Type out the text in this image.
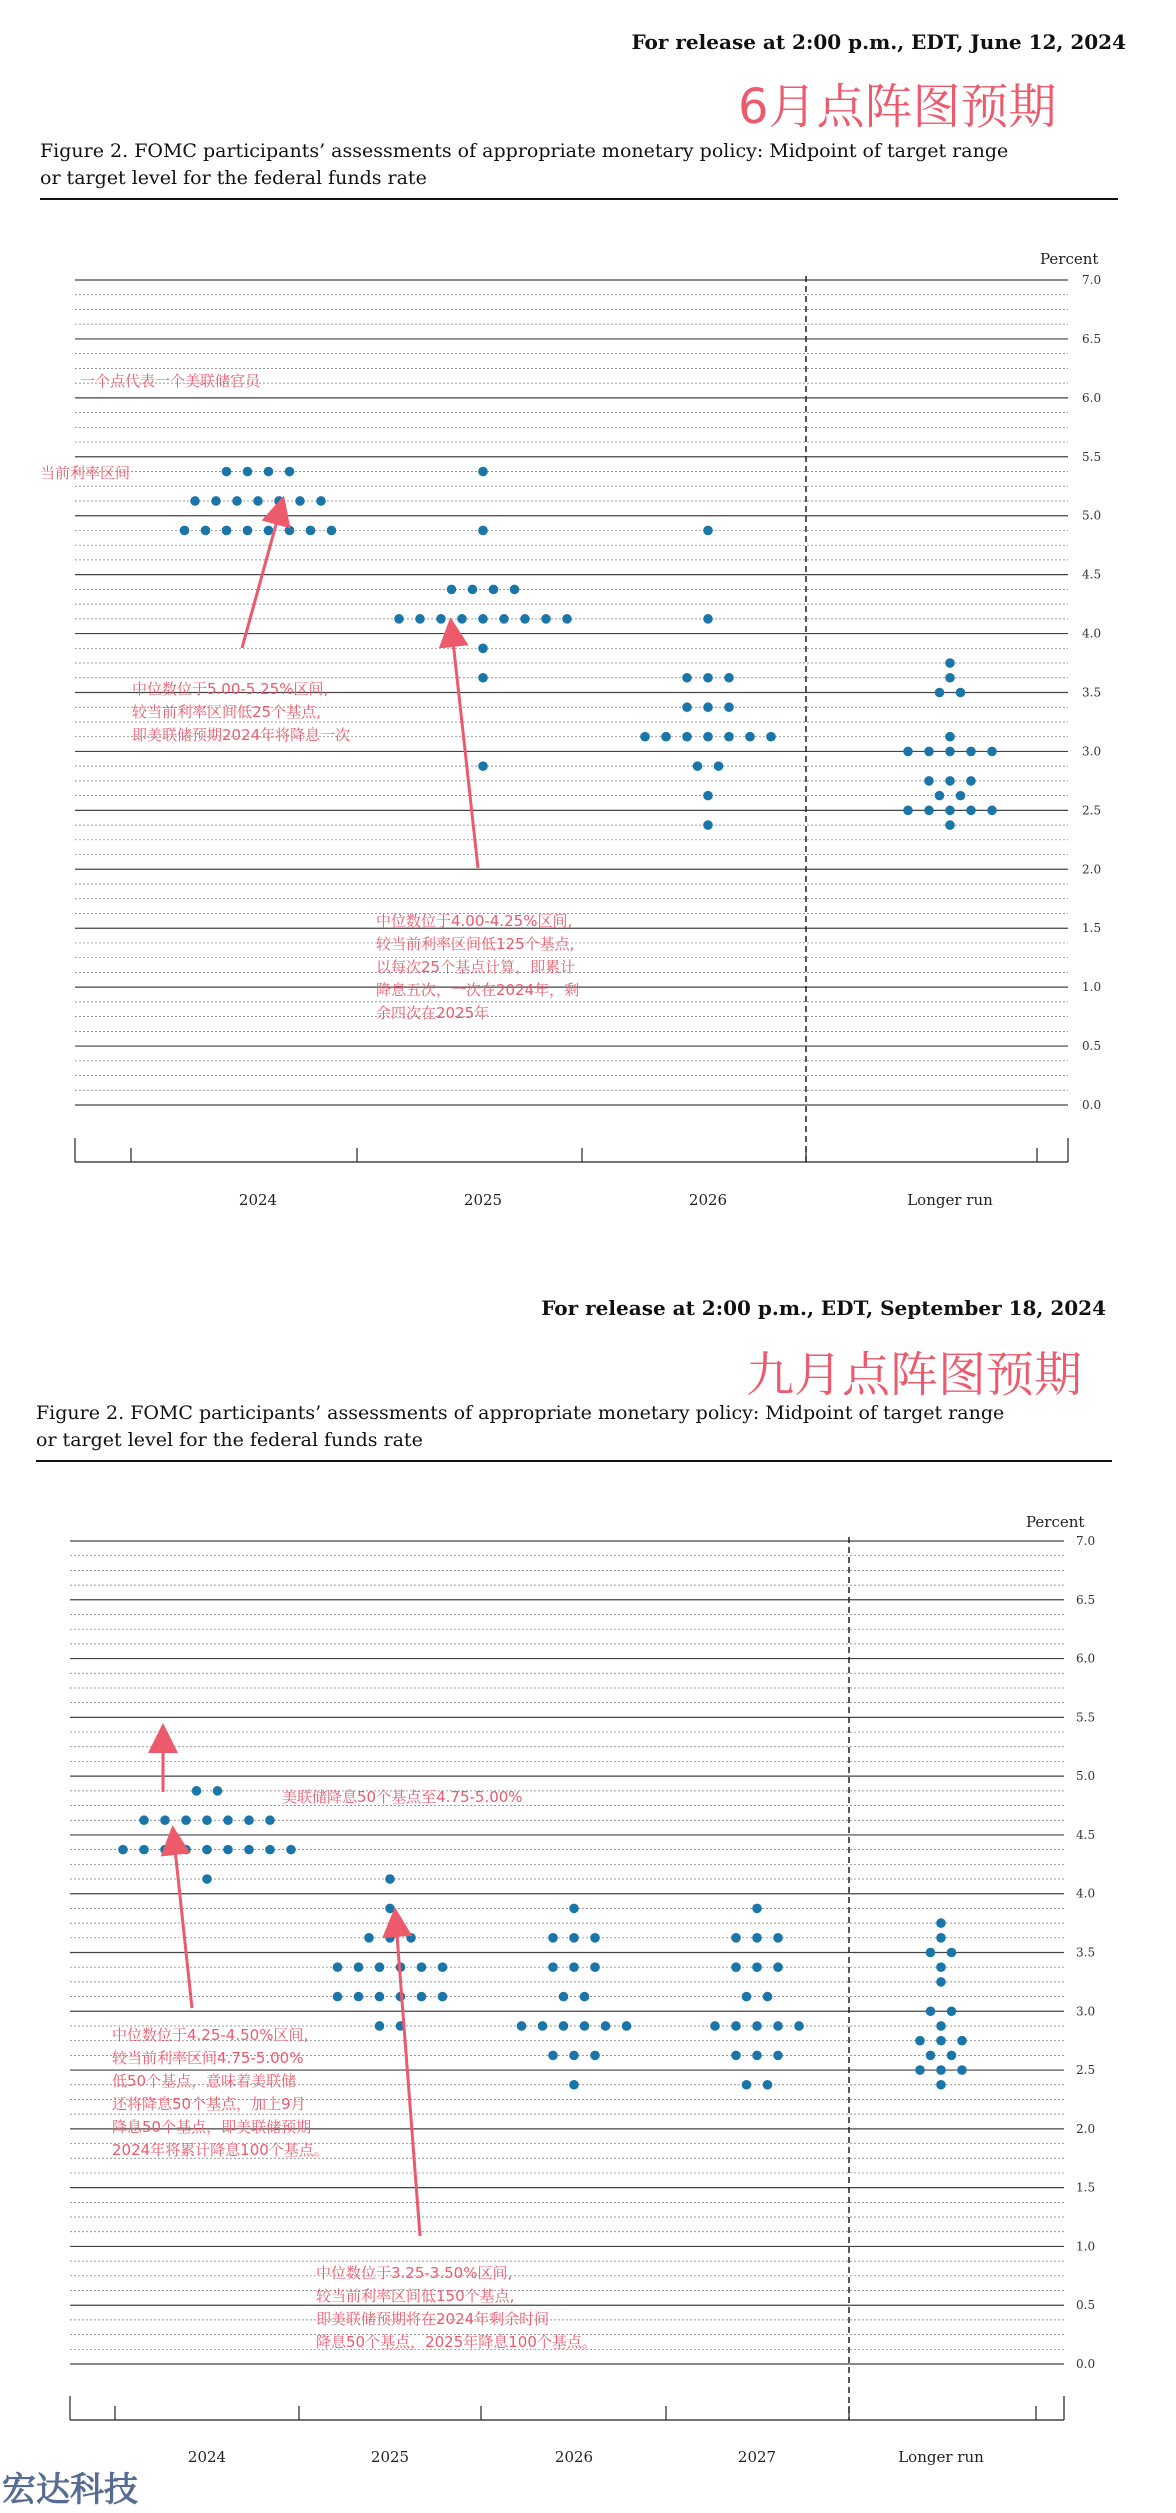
For release at 2:00 p.m., EDT, June 12, 2024
6月点阵图预期
Figure 2. FOMC participants’ assessments of appropriate monetary policy: Midpoint of target range
or target level for the federal funds rate
0.0
0.5
1.0
1.5
2.0
2.5
3.0
3.5
4.0
4.5
5.0
5.5
6.0
6.5
7.0
Percent
2024	2025	2026	Longer run
一个点代表一个美联储官员
当前利率区间
中位数位于5.00-5.25%区间,
较当前利率区间低25个基点,
即美联储预期2024年将降息一次
中位数位于4.00-4.25%区间,
较当前利率区间低125个基点,
以每次25个基点计算，即累计
降息五次，一次在2024年，剩
余四次在2025年
For release at 2:00 p.m., EDT, September 18, 2024
九月点阵图预期
Figure 2. FOMC participants’ assessments of appropriate monetary policy: Midpoint of target range
or target level for the federal funds rate
0.0
0.5
1.0
1.5
2.0
2.5
3.0
3.5
4.0
4.5
5.0
5.5
6.0
6.5
7.0
Percent
2024	2025	2026	2027	Longer run
美联储降息50个基点至4.75-5.00%
中位数位于4.25-4.50%区间,
较当前利率区间4.75-5.00%
低50个基点，意味着美联储
还将降息50个基点，加上9月
降息50个基点，即美联储预期
2024年将累计降息100个基点。
中位数位于3.25-3.50%区间,
较当前利率区间低150个基点,
即美联储预期将在2024年剩余时间
降息50个基点，2025年降息100个基点。
宏达科技
